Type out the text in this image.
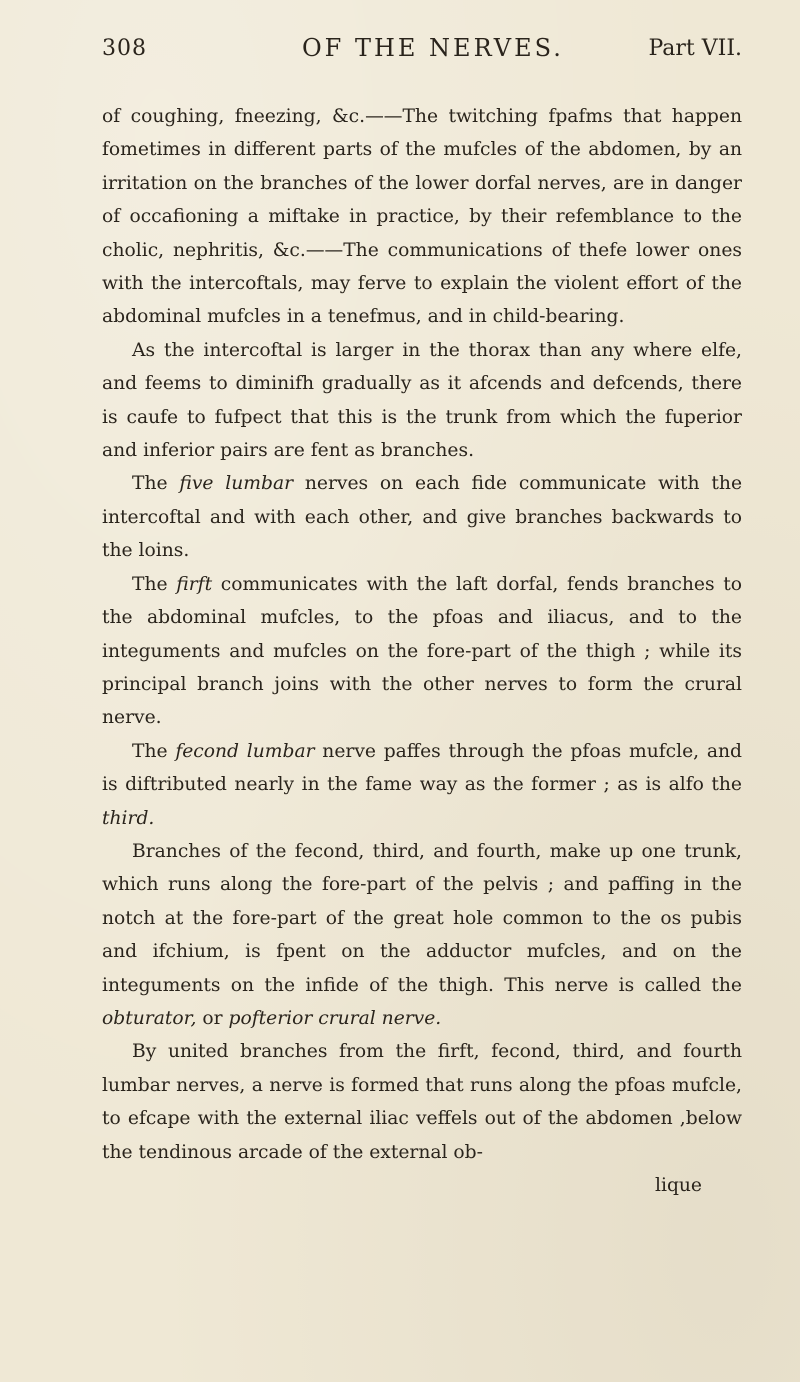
308	OF THE NERVES.	Part VII.

of coughing, fneezing, &c.——The twitching fpafms that happen fometimes in different parts of the mufcles of the abdomen, by an irritation on the branches of the lower dorfal nerves, are in danger of occafioning a miftake in practice, by their refemblance to the cholic, nephritis, &c.——The communications of thefe lower ones with the intercoftals, may ferve to explain the violent effort of the abdominal mufcles in a tenefmus, and in child-bearing.

As the intercoftal is larger in the thorax than any where elfe, and feems to diminifh gradually as it afcends and defcends, there is caufe to fufpect that this is the trunk from which the fuperior and inferior pairs are fent as branches.

The five lumbar nerves on each fide communicate with the intercoftal and with each other, and give branches backwards to the loins.

The firft communicates with the laft dorfal, fends branches to the abdominal mufcles, to the pfoas and iliacus, and to the integuments and mufcles on the fore-part of the thigh ; while its principal branch joins with the other nerves to form the crural nerve.

The fecond lumbar nerve paffes through the pfoas mufcle, and is diftributed nearly in the fame way as the former ; as is alfo the third.

Branches of the fecond, third, and fourth, make up one trunk, which runs along the fore-part of the pelvis ; and paffing in the notch at the fore-part of the great hole common to the os pubis and ifchium, is fpent on the adductor mufcles, and on the integuments on the infide of the thigh. This nerve is called the obturator, or pofterior crural nerve.

By united branches from the firft, fecond, third, and fourth lumbar nerves, a nerve is formed that runs along the pfoas mufcle, to efcape with the external iliac veffels out of the abdomen ,below the tendinous arcade of the external ob-

lique
